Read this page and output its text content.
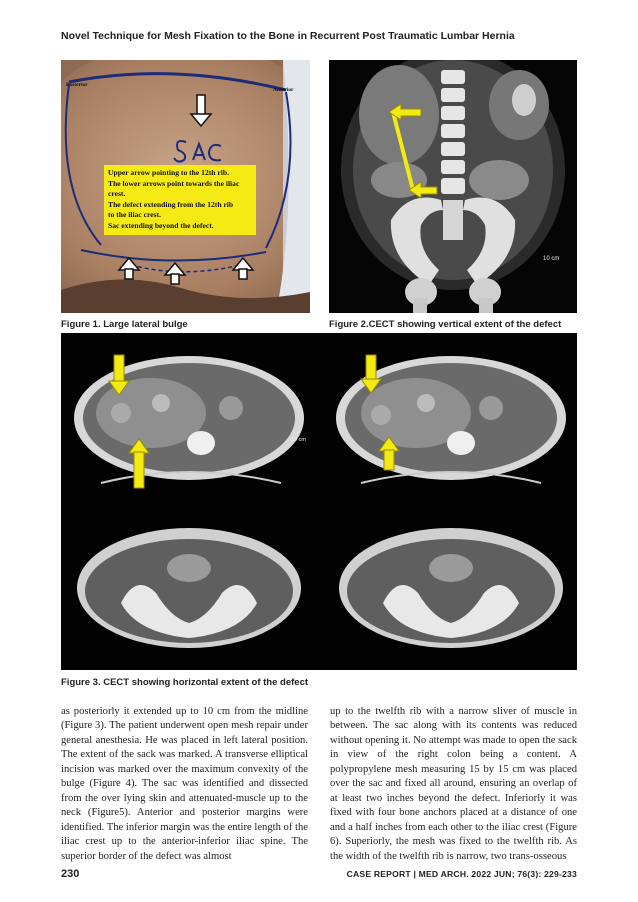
Novel Technique for Mesh Fixation to the Bone in Recurrent Post Traumatic Lumbar Hernia
Posterior
Anterior
Upper arrow pointing to the 12th rib.
The lower arrows point towards the iliac
crest.
The defect extending from the 12th rib
to the iliac crest.
Sac extending beyond the defect.
Figure 1. Large lateral bulge
10 cm
Figure 2.CECT showing vertical extent of the defect
10 cm
Figure 3. CECT showing horizontal extent of the defect

as posteriorly it extended up to 10 cm from the midline (Figure 3). The patient underwent open mesh repair under general anesthesia. He was placed in left lateral position. The extent of the sack was marked. A transverse elliptical incision was marked over the maximum convexity of the bulge (Figure 4). The sac was identified and dissected from the over lying skin and attenuated-muscle up to the neck (Figure5). Anterior and posterior margins were identified. The inferior margin was the entire length of the iliac crest up to the anterior-inferior iliac spine. The superior border of the defect was almost

up to the twelfth rib with a narrow sliver of muscle in between. The sac along with its contents was reduced without opening it. No attempt was made to open the sack in view of the right colon being a content. A polypropylene mesh measuring 15 by 15 cm was placed over the sac and fixed all around, ensuring an overlap of at least two inches beyond the defect. Inferiorly it was fixed with four bone anchors placed at a distance of one and a half inches from each other to the iliac crest (Figure 6). Superiorly, the mesh was fixed to the twelfth rib. As the width of the twelfth rib is narrow, two trans-osseous

230	CASE REPORT | MED ARCH. 2022 JUN; 76(3): 229-233
